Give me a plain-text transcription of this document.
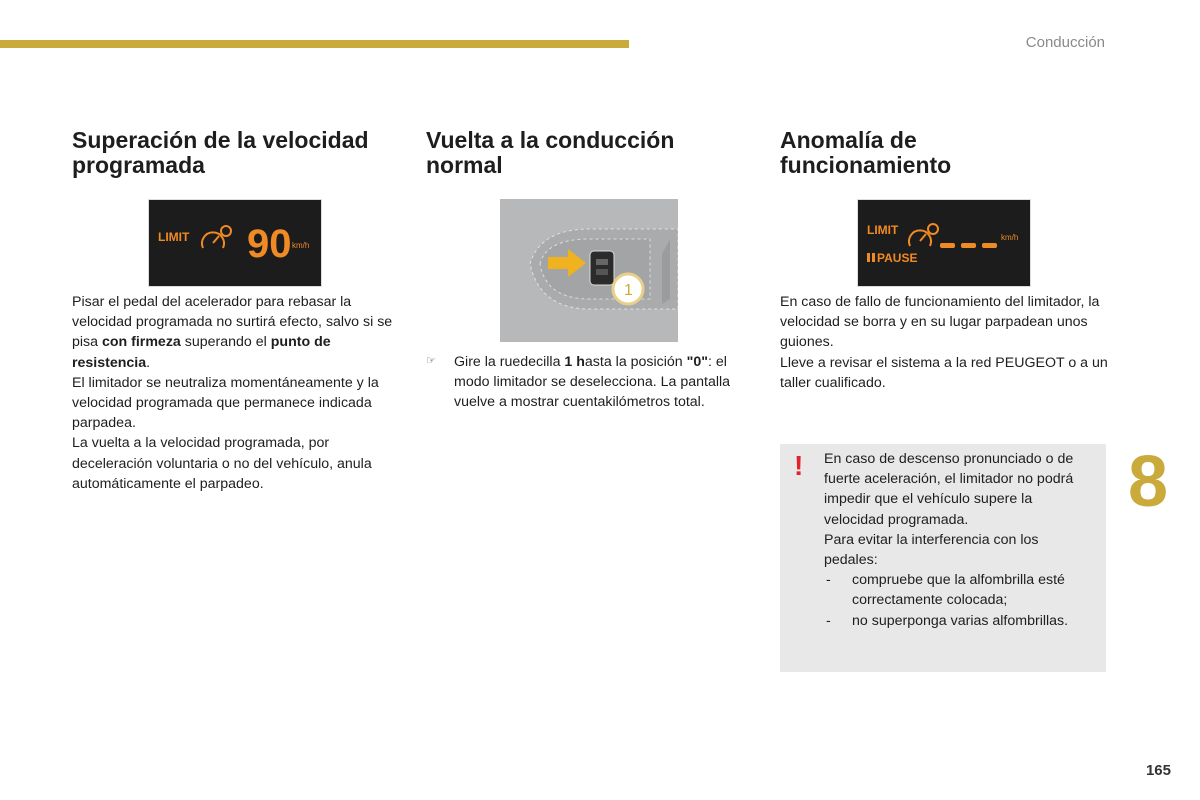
Conducción
Superación de la velocidad
programada
LIMIT 90 km/h

Pisar el pedal del acelerador para rebasar la velocidad programada no surtirá efecto, salvo si se pisa con firmeza superando el punto de resistencia.

El limitador se neutraliza momentáneamente y la velocidad programada que permanece indicada parpadea.

La vuelta a la velocidad programada, por deceleración voluntaria o no del vehículo, anula automáticamente el parpadeo.

Vuelta a la conducción
normal
1
☞ Gire la ruedecilla 1 hasta la posición "0": el modo limitador se deselecciona. La pantalla vuelve a mostrar cuentakilómetros total.

Anomalía de
funcionamiento
LIMIT
PAUSE
km/h

En caso de fallo de funcionamiento del limitador, la velocidad se borra y en su lugar parpadean unos guiones.

Lleve a revisar el sistema a la red PEUGEOT o a un taller cualificado.

! En caso de descenso pronunciado o de fuerte aceleración, el limitador no podrá impedir que el vehículo supere la velocidad programada.

Para evitar la interferencia con los pedales:

- compruebe que la alfombrilla esté correctamente colocada;

- no superponga varias alfombrillas.

8
165
